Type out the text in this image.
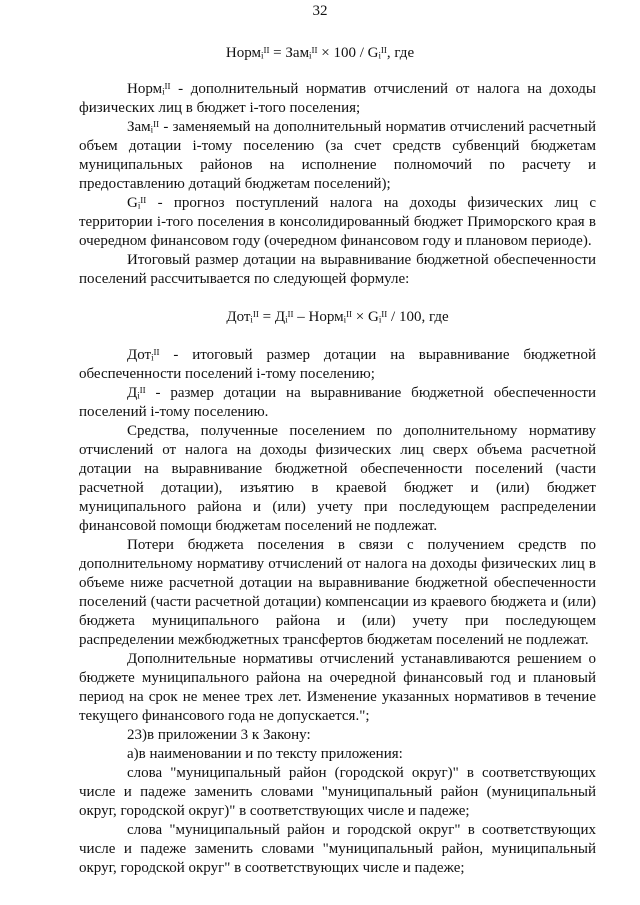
32
Нормᵢᴵᴵ = Замᵢᴵᴵ × 100 / Gᵢᴵᴵ, где

Нормᵢᴵᴵ - дополнительный норматив отчислений от налога на доходы физических лиц в бюджет i-того поселения;

Замᵢᴵᴵ - заменяемый на дополнительный норматив отчислений расчетный объем дотации i-тому поселению (за счет средств субвенций бюджетам муниципальных районов на исполнение полномочий по расчету и предоставлению дотаций бюджетам поселений);

Gᵢᴵᴵ - прогноз поступлений налога на доходы физических лиц с территории i-того поселения в консолидированный бюджет Приморского края в очередном финансовом году (очередном финансовом году и плановом периоде).

Итоговый размер дотации на выравнивание бюджетной обеспеченности поселений рассчитывается по следующей формуле:

Дотᵢᴵᴵ = Дᵢᴵᴵ – Нормᵢᴵᴵ × Gᵢᴵᴵ / 100, где

Дотᵢᴵᴵ - итоговый размер дотации на выравнивание бюджетной обеспеченности поселений i-тому поселению;

Дᵢᴵᴵ - размер дотации на выравнивание бюджетной обеспеченности поселений i-тому поселению.

Средства, полученные поселением по дополнительному нормативу отчислений от налога на доходы физических лиц сверх объема расчетной дотации на выравнивание бюджетной обеспеченности поселений (части расчетной дотации), изъятию в краевой бюджет и (или) бюджет муниципального района и (или) учету при последующем распределении финансовой помощи бюджетам поселений не подлежат.

Потери бюджета поселения в связи с получением средств по дополнительному нормативу отчислений от налога на доходы физических лиц в объеме ниже расчетной дотации на выравнивание бюджетной обеспеченности поселений (части расчетной дотации) компенсации из краевого бюджета и (или) бюджета муниципального района и (или) учету при последующем распределении межбюджетных трансфертов бюджетам поселений не подлежат.

Дополнительные нормативы отчислений устанавливаются решением о бюджете муниципального района на очередной финансовый год и плановый период на срок не менее трех лет. Изменение указанных нормативов в течение текущего финансового года не допускается.";

23)в приложении 3 к Закону:

а)в наименовании и по тексту приложения:

слова "муниципальный район (городской округ)" в соответствующих числе и падеже заменить словами "муниципальный район (муниципальный округ, городской округ)" в соответствующих числе и падеже;

слова "муниципальный район и городской округ" в соответствующих числе и падеже заменить словами "муниципальный район, муниципальный округ, городской округ" в соответствующих числе и падеже;
